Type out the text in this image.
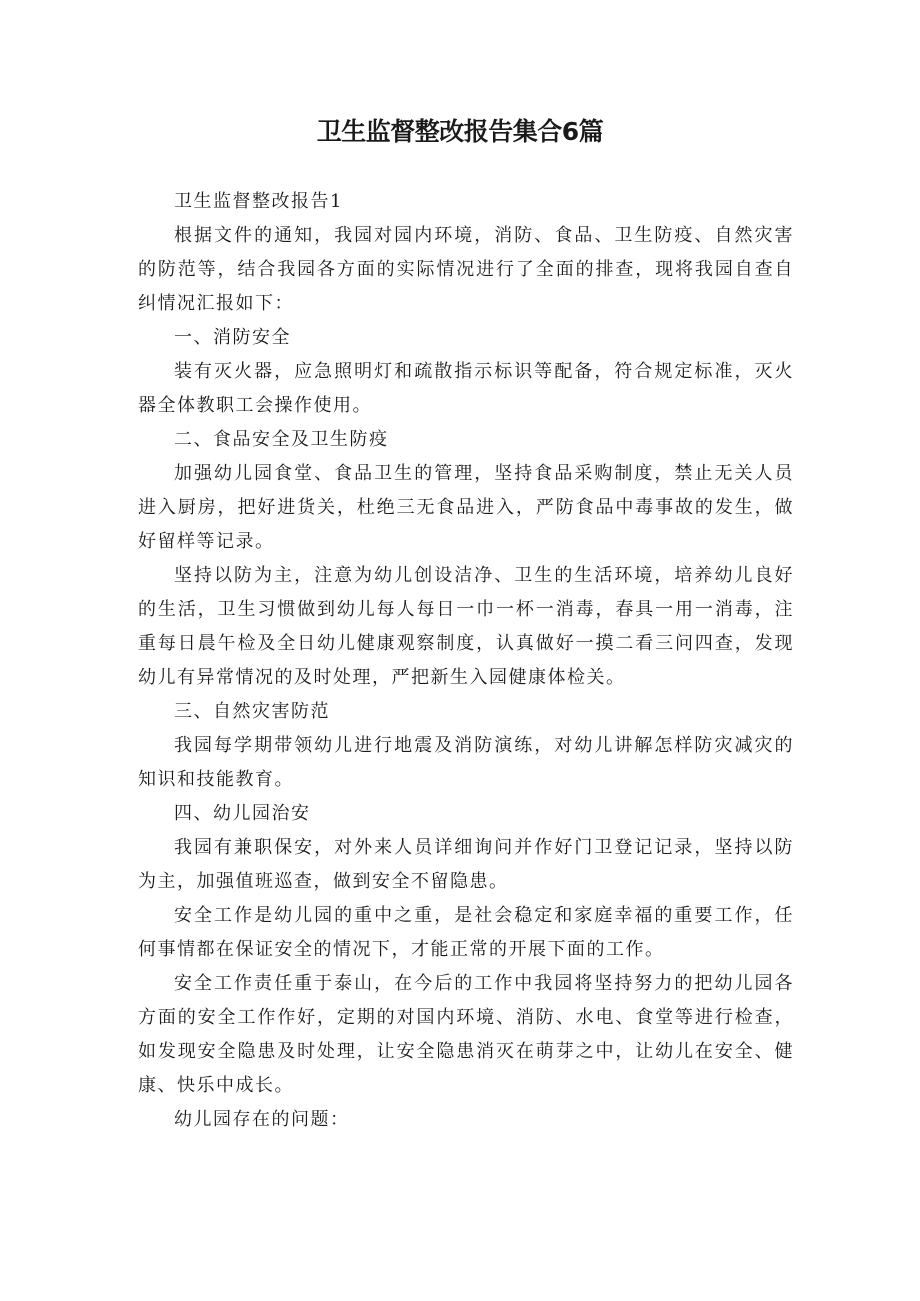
卫生监督整改报告集合6篇

卫生监督整改报告1

根据文件的通知，我园对园内环境，消防、食品、卫生防疫、自然灾害的防范等，结合我园各方面的实际情况进行了全面的排查，现将我园自查自纠情况汇报如下：

一、消防安全

装有灭火器，应急照明灯和疏散指示标识等配备，符合规定标准，灭火器全体教职工会操作使用。

二、食品安全及卫生防疫

加强幼儿园食堂、食品卫生的管理，坚持食品采购制度，禁止无关人员进入厨房，把好进货关，杜绝三无食品进入，严防食品中毒事故的发生，做好留样等记录。

坚持以防为主，注意为幼儿创设洁净、卫生的生活环境，培养幼儿良好的生活，卫生习惯做到幼儿每人每日一巾一杯一消毒，春具一用一消毒，注重每日晨午检及全日幼儿健康观察制度，认真做好一摸二看三问四查，发现幼儿有异常情况的及时处理，严把新生入园健康体检关。

三、自然灾害防范

我园每学期带领幼儿进行地震及消防演练，对幼儿讲解怎样防灾减灾的知识和技能教育。

四、幼儿园治安

我园有兼职保安，对外来人员详细询问并作好门卫登记记录，坚持以防为主，加强值班巡查，做到安全不留隐患。

安全工作是幼儿园的重中之重，是社会稳定和家庭幸福的重要工作，任何事情都在保证安全的情况下，才能正常的开展下面的工作。

安全工作责任重于泰山，在今后的工作中我园将坚持努力的把幼儿园各方面的安全工作作好，定期的对国内环境、消防、水电、食堂等进行检查，如发现安全隐患及时处理，让安全隐患消灭在萌芽之中，让幼儿在安全、健康、快乐中成长。

幼儿园存在的问题：
